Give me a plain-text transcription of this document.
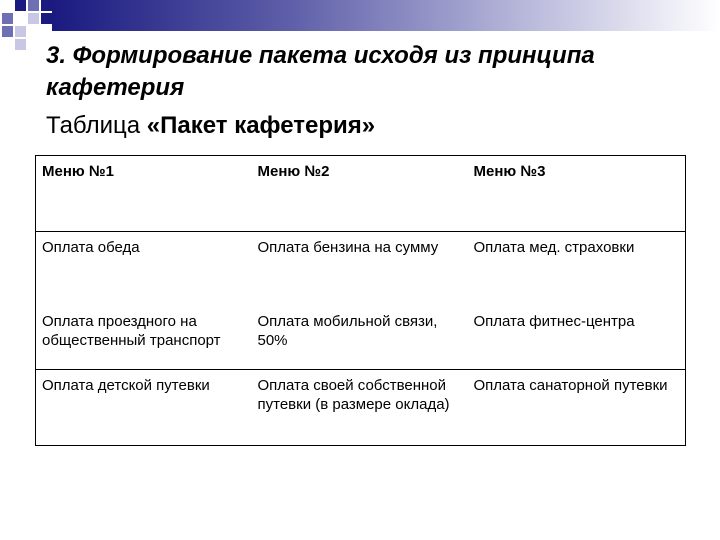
3. Формирование пакета исходя из принципа кафетерия

Таблица «Пакет кафетерия»

Меню №1	Меню №2	Меню №3
Оплата обеда	Оплата бензина на сумму	Оплата мед. страховки
Оплата проездного на общественный транспорт	Оплата мобильной связи, 50%	Оплата фитнес-центра
Оплата детской путевки	Оплата своей собственной путевки (в размере оклада)	Оплата санаторной путевки
